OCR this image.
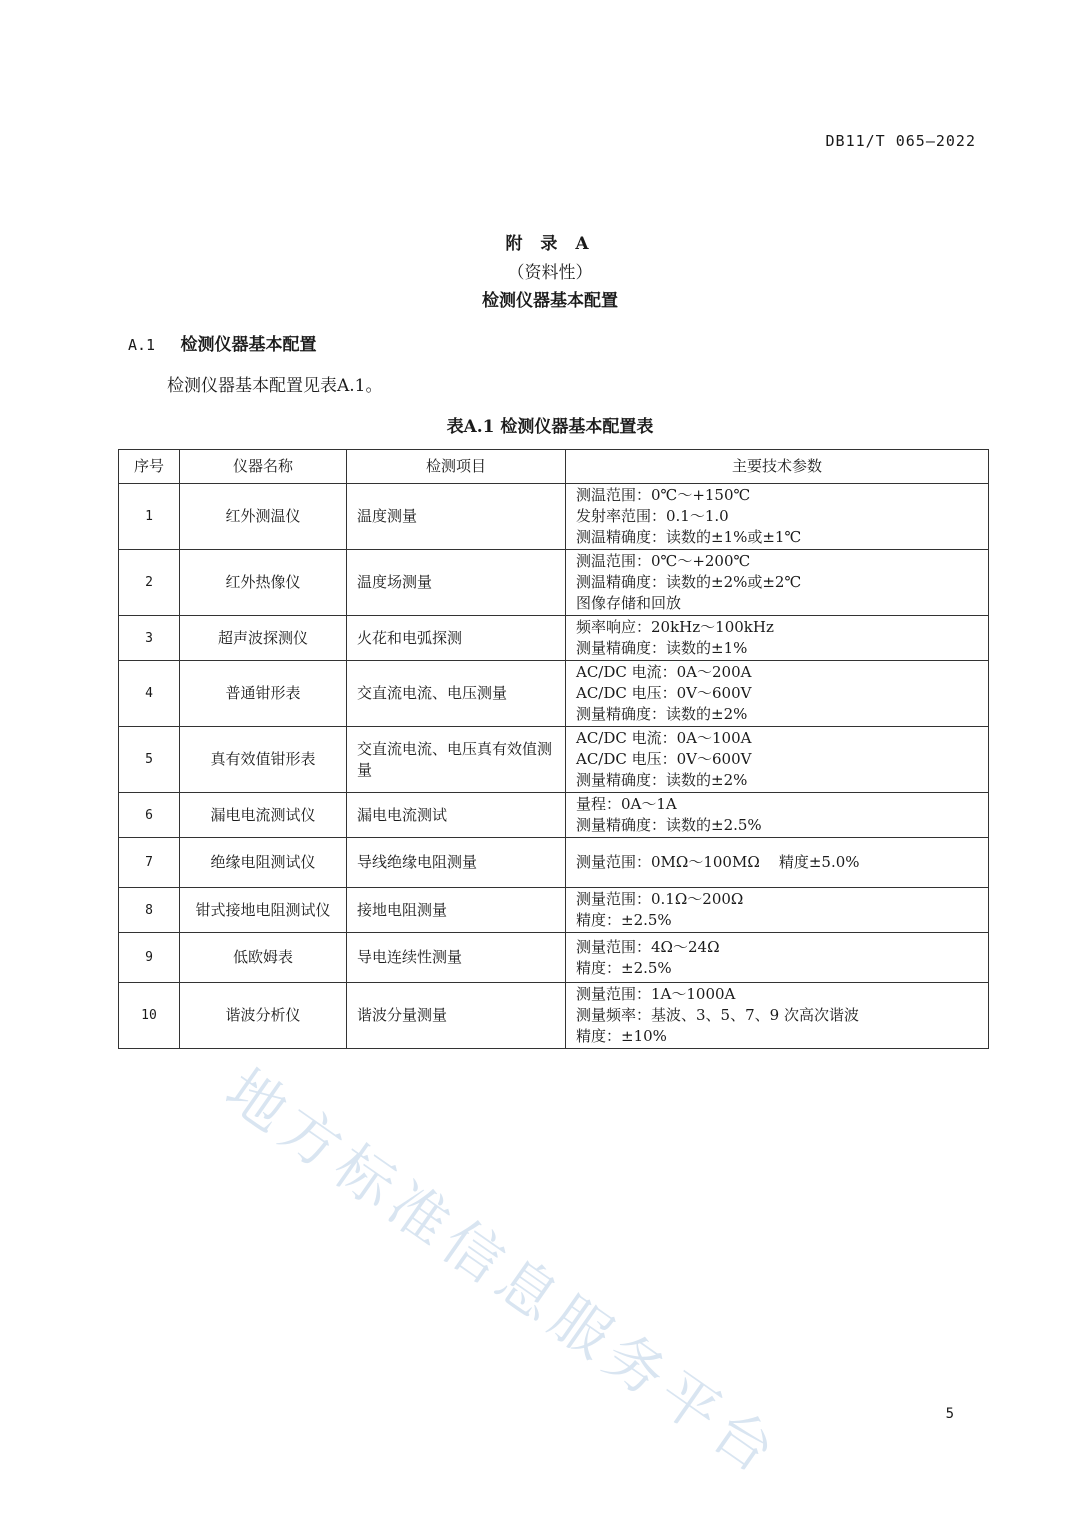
DB11/T 065—2022
附 录 A
（资料性）
检测仪器基本配置
A.1 检测仪器基本配置
检测仪器基本配置见表A.1。
表A.1 检测仪器基本配置表
序号	仪器名称	检测项目	主要技术参数
1	红外测温仪	温度测量	测温范围：0℃～+150℃
发射率范围：0.1～1.0
测温精确度：读数的±1%或±1℃

2	红外热像仪	温度场测量	测温范围：0℃～+200℃
测温精确度：读数的±2%或±2℃
图像存储和回放

3	超声波探测仪	火花和电弧探测	频率响应：20kHz～100kHz
测量精确度：读数的±1%

4	普通钳形表	交直流电流、电压测量	AC/DC 电流：0A～200A
AC/DC 电压：0V～600V
测量精确度：读数的±2%

5	真有效值钳形表	交直流电流、电压真有效值测量	AC/DC 电流：0A～100A
AC/DC 电压：0V～600V
测量精确度：读数的±2%

6	漏电电流测试仪	漏电电流测试	量程：0A～1A
测量精确度：读数的±2.5%

7	绝缘电阻测试仪	导线绝缘电阻测量	测量范围：0MΩ～100MΩ    精度±5.0%

8	钳式接地电阻测试仪	接地电阻测量	测量范围：0.1Ω～200Ω
精度：±2.5%

9	低欧姆表	导电连续性测量	测量范围：4Ω～24Ω
精度：±2.5%

10	谐波分析仪	谐波分量测量	测量范围：1A～1000A
测量频率：基波、3、5、7、9 次高次谐波
精度：±10%
地方标准信息服务平台	5
